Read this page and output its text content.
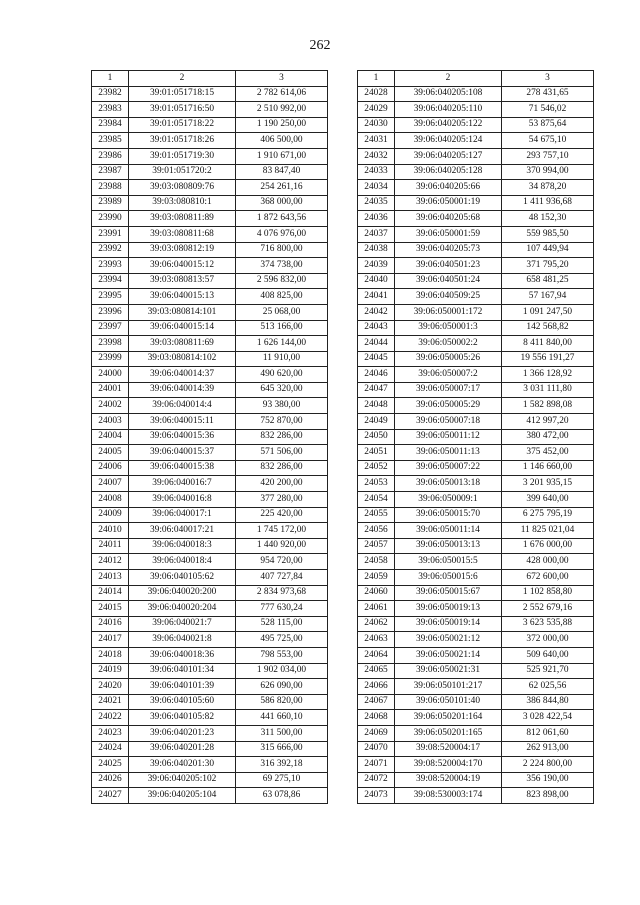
262
1	2	3
23982	39:01:051718:15	2 782 614,06
23983	39:01:051716:50	2 510 992,00
23984	39:01:051718:22	1 190 250,00
23985	39:01:051718:26	406 500,00
23986	39:01:051719:30	1 910 671,00
23987	39:01:051720:2	83 847,40
23988	39:03:080809:76	254 261,16
23989	39:03:080810:1	368 000,00
23990	39:03:080811:89	1 872 643,56
23991	39:03:080811:68	4 076 976,00
23992	39:03:080812:19	716 800,00
23993	39:06:040015:12	374 738,00
23994	39:03:080813:57	2 596 832,00
23995	39:06:040015:13	408 825,00
23996	39:03:080814:101	25 068,00
23997	39:06:040015:14	513 166,00
23998	39:03:080811:69	1 626 144,00
23999	39:03:080814:102	11 910,00
24000	39:06:040014:37	490 620,00
24001	39:06:040014:39	645 320,00
24002	39:06:040014:4	93 380,00
24003	39:06:040015:11	752 870,00
24004	39:06:040015:36	832 286,00
24005	39:06:040015:37	571 506,00
24006	39:06:040015:38	832 286,00
24007	39:06:040016:7	420 200,00
24008	39:06:040016:8	377 280,00
24009	39:06:040017:1	225 420,00
24010	39:06:040017:21	1 745 172,00
24011	39:06:040018:3	1 440 920,00
24012	39:06:040018:4	954 720,00
24013	39:06:040105:62	407 727,84
24014	39:06:040020:200	2 834 973,68
24015	39:06:040020:204	777 630,24
24016	39:06:040021:7	528 115,00
24017	39:06:040021:8	495 725,00
24018	39:06:040018:36	798 553,00
24019	39:06:040101:34	1 902 034,00
24020	39:06:040101:39	626 090,00
24021	39:06:040105:60	586 820,00
24022	39:06:040105:82	441 660,10
24023	39:06:040201:23	311 500,00
24024	39:06:040201:28	315 666,00
24025	39:06:040201:30	316 392,18
24026	39:06:040205:102	69 275,10
24027	39:06:040205:104	63 078,86
1	2	3
24028	39:06:040205:108	278 431,65
24029	39:06:040205:110	71 546,02
24030	39:06:040205:122	53 875,64
24031	39:06:040205:124	54 675,10
24032	39:06:040205:127	293 757,10
24033	39:06:040205:128	370 994,00
24034	39:06:040205:66	34 878,20
24035	39:06:050001:19	1 411 936,68
24036	39:06:040205:68	48 152,30
24037	39:06:050001:59	559 985,50
24038	39:06:040205:73	107 449,94
24039	39:06:040501:23	371 795,20
24040	39:06:040501:24	658 481,25
24041	39:06:040509:25	57 167,94
24042	39:06:050001:172	1 091 247,50
24043	39:06:050001:3	142 568,82
24044	39:06:050002:2	8 411 840,00
24045	39:06:050005:26	19 556 191,27
24046	39:06:050007:2	1 366 128,92
24047	39:06:050007:17	3 031 111,80
24048	39:06:050005:29	1 582 898,08
24049	39:06:050007:18	412 997,20
24050	39:06:050011:12	380 472,00
24051	39:06:050011:13	375 452,00
24052	39:06:050007:22	1 146 660,00
24053	39:06:050013:18	3 201 935,15
24054	39:06:050009:1	399 640,00
24055	39:06:050015:70	6 275 795,19
24056	39:06:050011:14	11 825 021,04
24057	39:06:050013:13	1 676 000,00
24058	39:06:050015:5	428 000,00
24059	39:06:050015:6	672 600,00
24060	39:06:050015:67	1 102 858,80
24061	39:06:050019:13	2 552 679,16
24062	39:06:050019:14	3 623 535,88
24063	39:06:050021:12	372 000,00
24064	39:06:050021:14	509 640,00
24065	39:06:050021:31	525 921,70
24066	39:06:050101:217	62 025,56
24067	39:06:050101:40	386 844,80
24068	39:06:050201:164	3 028 422,54
24069	39:06:050201:165	812 061,60
24070	39:08:520004:17	262 913,00
24071	39:08:520004:170	2 224 800,00
24072	39:08:520004:19	356 190,00
24073	39:08:530003:174	823 898,00
